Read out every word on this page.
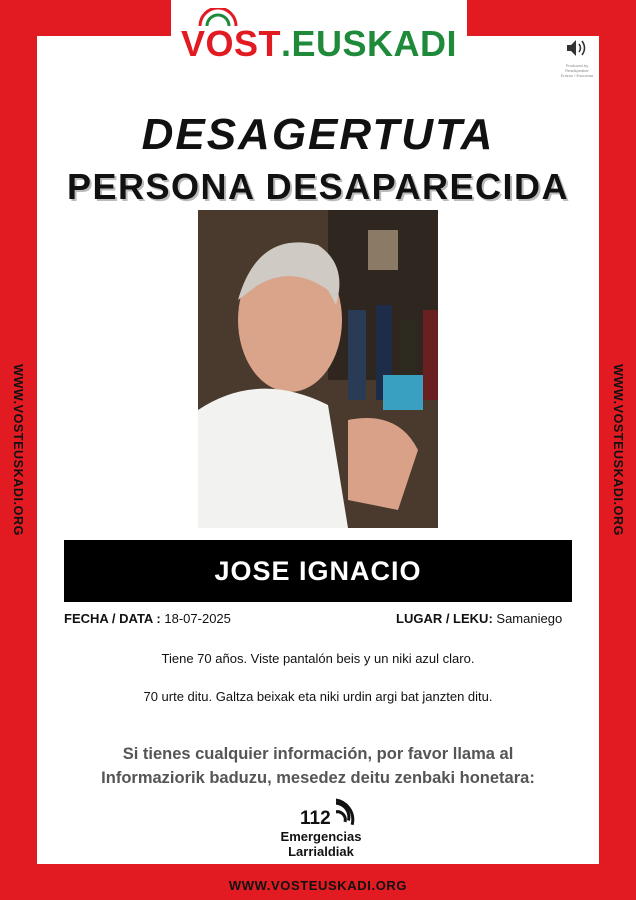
VOST . EUSKADI
Produced by Readspeaker
Entzun / Escuchar
WWW.VOSTEUSKADI.ORG	WWW.VOSTEUSKADI.ORG
DESAGERTUTA
PERSONA DESAPARECIDA
JOSE IGNACIO
FECHA / DATA : 18-07-2025	LUGAR / LEKU: Samaniego
Tiene 70 años. Viste pantalón beis y un niki azul claro.
70 urte ditu. Galtza beixak eta niki urdin argi bat janzten ditu.
Si tienes cualquier información, por favor llama al
Informaziorik baduzu, mesedez deitu zenbaki honetara:
112
Emergencias
Larrialdiak
WWW.VOSTEUSKADI.ORG
